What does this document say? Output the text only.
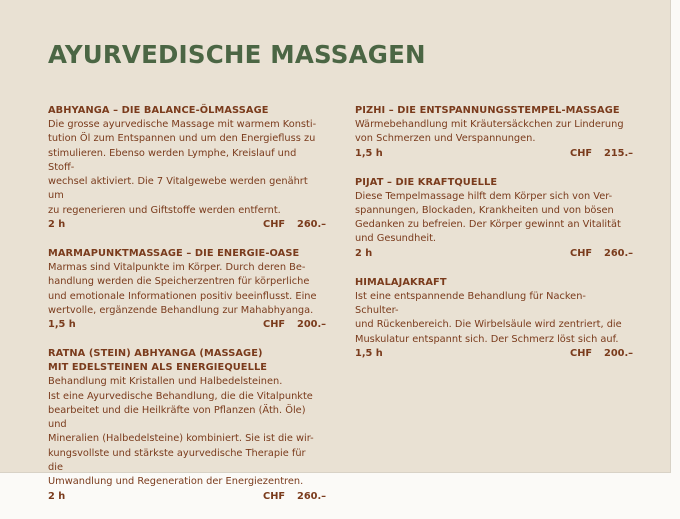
AYURVEDISCHE MASSAGEN
ABHYANGA – DIE BALANCE-ÖLMASSAGE
Die grosse ayurvedische Massage mit warmem Konsti-
tution Öl zum Entspannen und um den Energiefluss zu
stimulieren. Ebenso werden Lymphe, Kreislauf und Stoff-
wechsel aktiviert. Die 7 Vitalgewebe werden genährt um
zu regenerieren und Giftstoffe werden entfernt.
2 h	CHF	260.–
MARMAPUNKTMASSAGE – DIE ENERGIE-OASE
Marmas sind Vitalpunkte im Körper. Durch deren Be-
handlung werden die Speicherzentren für körperliche
und emotionale Informationen positiv beeinflusst. Eine
wertvolle, ergänzende Behandlung zur Mahabhyanga.
1,5 h	CHF	200.–
RATNA (STEIN) ABHYANGA (MASSAGE)
MIT EDELSTEINEN ALS ENERGIEQUELLE
Behandlung mit Kristallen und Halbedelsteinen.
Ist eine Ayurvedische Behandlung, die die Vitalpunkte
bearbeitet und die Heilkräfte von Pflanzen (Äth. Öle) und
Mineralien (Halbedelsteine) kombiniert. Sie ist die wir-
kungsvollste und stärkste ayurvedische Therapie für die
Umwandlung und Regeneration der Energiezentren.
2 h	CHF	260.–
PIZHI – DIE ENTSPANNUNGSSTEMPEL-MASSAGE
Wärmebehandlung mit Kräutersäckchen zur Linderung
von Schmerzen und Verspannungen.
1,5 h	CHF	215.–
PIJAT – DIE KRAFTQUELLE
Diese Tempelmassage hilft dem Körper sich von Ver-
spannungen, Blockaden, Krankheiten und von bösen
Gedanken zu befreien. Der Körper gewinnt an Vitalität
und Gesundheit.
2 h	CHF	260.–
HIMALAJAKRAFT
Ist eine entspannende Behandlung für Nacken- Schulter-
und Rückenbereich. Die Wirbelsäule wird zentriert, die
Muskulatur entspannt sich. Der Schmerz löst sich auf.
1,5 h	CHF	200.–
